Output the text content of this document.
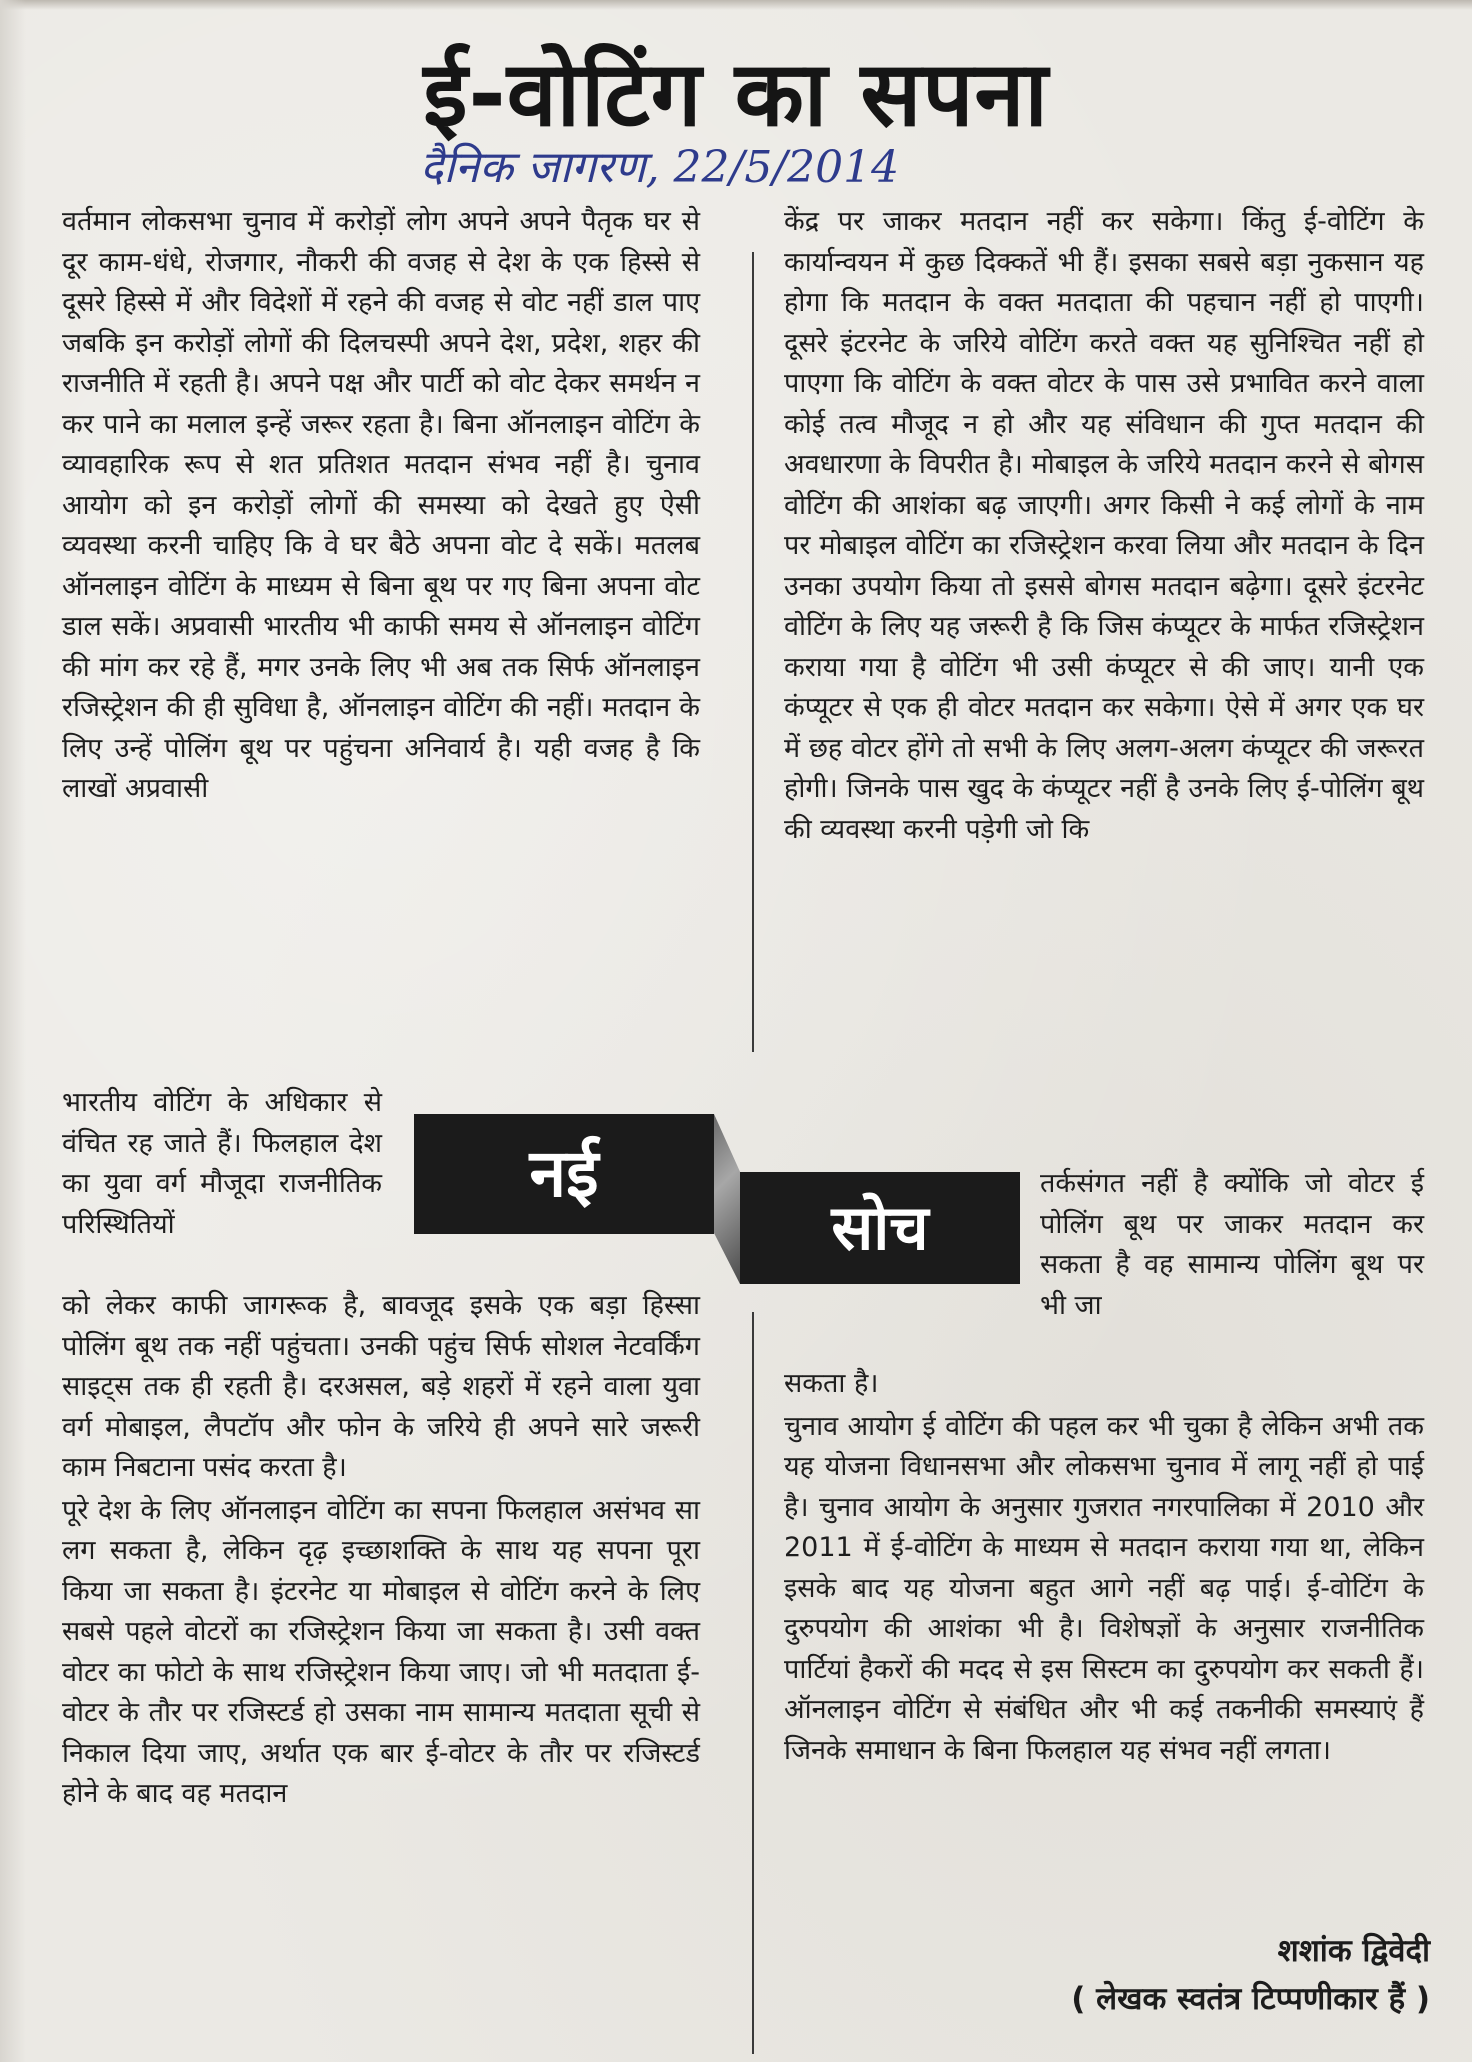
ई-वोटिंग का सपना
दैनिक जागरण, 22/5/2014

वर्तमान लोकसभा चुनाव में करोड़ों लोग अपने अपने पैतृक घर से दूर काम-धंधे, रोजगार, नौकरी की वजह से देश के एक हिस्से से दूसरे हिस्से में और विदेशों में रहने की वजह से वोट नहीं डाल पाए जबकि इन करोड़ों लोगों की दिलचस्पी अपने देश, प्रदेश, शहर की राजनीति में रहती है। अपने पक्ष और पार्टी को वोट देकर समर्थन न कर पाने का मलाल इन्हें जरूर रहता है। बिना ऑनलाइन वोटिंग के व्यावहारिक रूप से शत प्रतिशत मतदान संभव नहीं है। चुनाव आयोग को इन करोड़ों लोगों की समस्या को देखते हुए ऐसी व्यवस्था करनी चाहिए कि वे घर बैठे अपना वोट दे सकें। मतलब ऑनलाइन वोटिंग के माध्यम से बिना बूथ पर गए बिना अपना वोट डाल सकें। अप्रवासी भारतीय भी काफी समय से ऑनलाइन वोटिंग की मांग कर रहे हैं, मगर उनके लिए भी अब तक सिर्फ ऑनलाइन रजिस्ट्रेशन की ही सुविधा है, ऑनलाइन वोटिंग की नहीं। मतदान के लिए उन्हें पोलिंग बूथ पर पहुंचना अनिवार्य है। यही वजह है कि लाखों अप्रवासी

भारतीय वोटिंग के अधिकार से वंचित रह जाते हैं। फिलहाल देश का युवा वर्ग मौजूदा राजनीतिक परिस्थितियों

नई
सोच

को लेकर काफी जागरूक है, बावजूद इसके एक बड़ा हिस्सा पोलिंग बूथ तक नहीं पहुंचता। उनकी पहुंच सिर्फ सोशल नेटवर्किंग साइट्स तक ही रहती है। दरअसल, बड़े शहरों में रहने वाला युवा वर्ग मोबाइल, लैपटॉप और फोन के जरिये ही अपने सारे जरूरी काम निबटाना पसंद करता है।

पूरे देश के लिए ऑनलाइन वोटिंग का सपना फिलहाल असंभव सा लग सकता है, लेकिन दृढ़ इच्छाशक्ति के साथ यह सपना पूरा किया जा सकता है। इंटरनेट या मोबाइल से वोटिंग करने के लिए सबसे पहले वोटरों का रजिस्ट्रेशन किया जा सकता है। उसी वक्त वोटर का फोटो के साथ रजिस्ट्रेशन किया जाए। जो भी मतदाता ई-वोटर के तौर पर रजिस्टर्ड हो उसका नाम सामान्य मतदाता सूची से निकाल दिया जाए, अर्थात एक बार ई-वोटर के तौर पर रजिस्टर्ड होने के बाद वह मतदान

केंद्र पर जाकर मतदान नहीं कर सकेगा। किंतु ई-वोटिंग के कार्यान्वयन में कुछ दिक्कतें भी हैं। इसका सबसे बड़ा नुकसान यह होगा कि मतदान के वक्त मतदाता की पहचान नहीं हो पाएगी। दूसरे इंटरनेट के जरिये वोटिंग करते वक्त यह सुनिश्चित नहीं हो पाएगा कि वोटिंग के वक्त वोटर के पास उसे प्रभावित करने वाला कोई तत्व मौजूद न हो और यह संविधान की गुप्त मतदान की अवधारणा के विपरीत है। मोबाइल के जरिये मतदान करने से बोगस वोटिंग की आशंका बढ़ जाएगी। अगर किसी ने कई लोगों के नाम पर मोबाइल वोटिंग का रजिस्ट्रेशन करवा लिया और मतदान के दिन उनका उपयोग किया तो इससे बोगस मतदान बढ़ेगा। दूसरे इंटरनेट वोटिंग के लिए यह जरूरी है कि जिस कंप्यूटर के मार्फत रजिस्ट्रेशन कराया गया है वोटिंग भी उसी कंप्यूटर से की जाए। यानी एक कंप्यूटर से एक ही वोटर मतदान कर सकेगा। ऐसे में अगर एक घर में छह वोटर होंगे तो सभी के लिए अलग-अलग कंप्यूटर की जरूरत होगी। जिनके पास खुद के कंप्यूटर नहीं है उनके लिए ई-पोलिंग बूथ की व्यवस्था करनी पड़ेगी जो कि

तर्कसंगत नहीं है क्योंकि जो वोटर ई पोलिंग बूथ पर जाकर मतदान कर सकता है वह सामान्य पोलिंग बूथ पर भी जा

सकता है।

चुनाव आयोग ई वोटिंग की पहल कर भी चुका है लेकिन अभी तक यह योजना विधानसभा और लोकसभा चुनाव में लागू नहीं हो पाई है। चुनाव आयोग के अनुसार गुजरात नगरपालिका में 2010 और 2011 में ई-वोटिंग के माध्यम से मतदान कराया गया था, लेकिन इसके बाद यह योजना बहुत आगे नहीं बढ़ पाई। ई-वोटिंग के दुरुपयोग की आशंका भी है। विशेषज्ञों के अनुसार राजनीतिक पार्टियां हैकरों की मदद से इस सिस्टम का दुरुपयोग कर सकती हैं। ऑनलाइन वोटिंग से संबंधित और भी कई तकनीकी समस्याएं हैं जिनके समाधान के बिना फिलहाल यह संभव नहीं लगता।

शशांक द्विवेदी
( लेखक स्वतंत्र टिप्पणीकार हैं )
